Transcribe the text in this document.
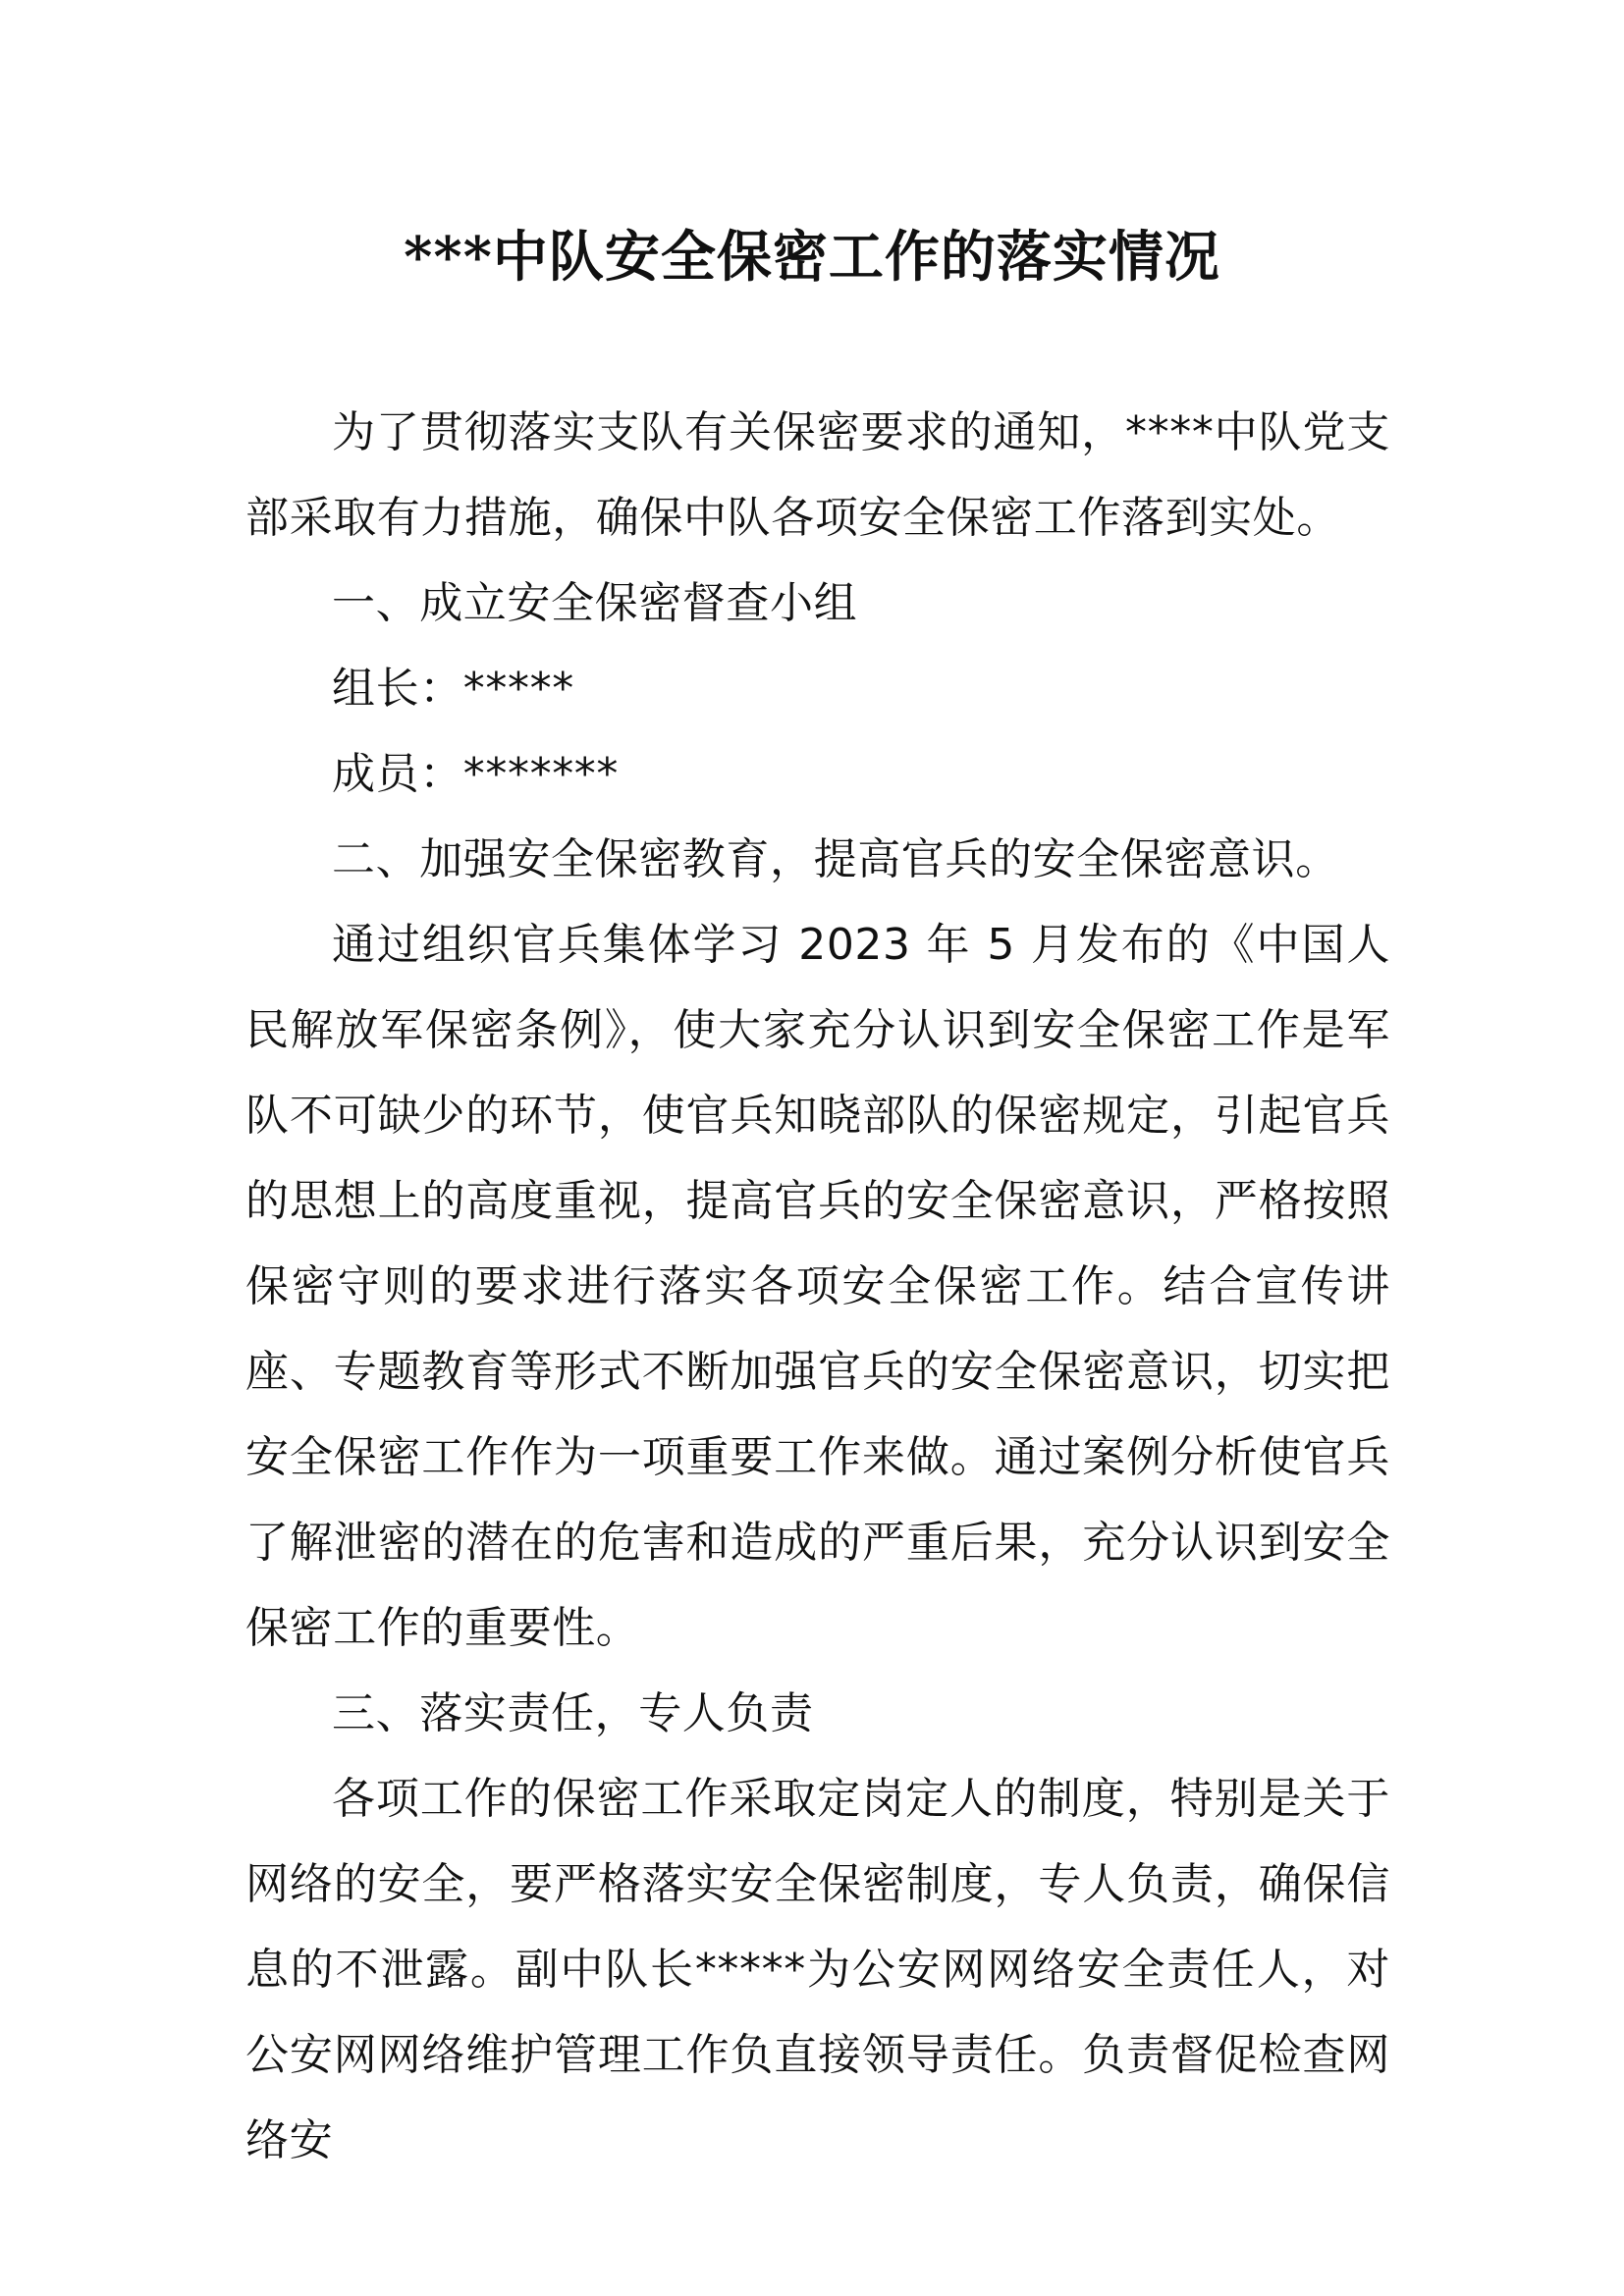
***中队安全保密工作的落实情况

为了贯彻落实支队有关保密要求的通知，****中队党支部采取有力措施，确保中队各项安全保密工作落到实处。

一、成立安全保密督查小组

组长：*****

成员：*******

二、加强安全保密教育，提高官兵的安全保密意识。

通过组织官兵集体学习 2023 年 5 月发布的《中国人民解放军保密条例》，使大家充分认识到安全保密工作是军队不可缺少的环节，使官兵知晓部队的保密规定，引起官兵的思想上的高度重视，提高官兵的安全保密意识，严格按照保密守则的要求进行落实各项安全保密工作。结合宣传讲座、专题教育等形式不断加强官兵的安全保密意识，切实把安全保密工作作为一项重要工作来做。通过案例分析使官兵了解泄密的潜在的危害和造成的严重后果，充分认识到安全保密工作的重要性。

三、落实责任，专人负责

各项工作的保密工作采取定岗定人的制度，特别是关于网络的安全，要严格落实安全保密制度，专人负责，确保信息的不泄露。副中队长*****为公安网网络安全责任人，对公安网网络维护管理工作负直接领导责任。负责督促检查网络安
